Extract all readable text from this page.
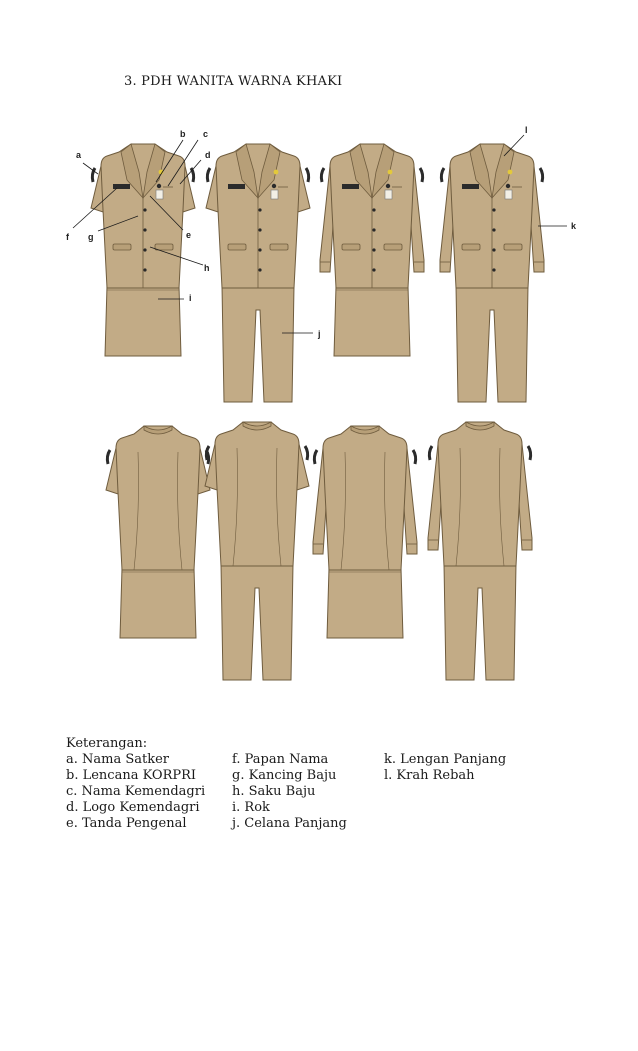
3. PDH WANITA WARNA KHAKI
a
b c
d
e
f g
h
i
j
k
l
Keterangan:
a. Nama Satker
b. Lencana KORPRI
c. Nama Kemendagri
d. Logo Kemendagri
e. Tanda Pengenal
f. Papan Nama
g. Kancing Baju
h. Saku Baju
i. Rok
j. Celana Panjang
k. Lengan Panjang
l. Krah Rebah
